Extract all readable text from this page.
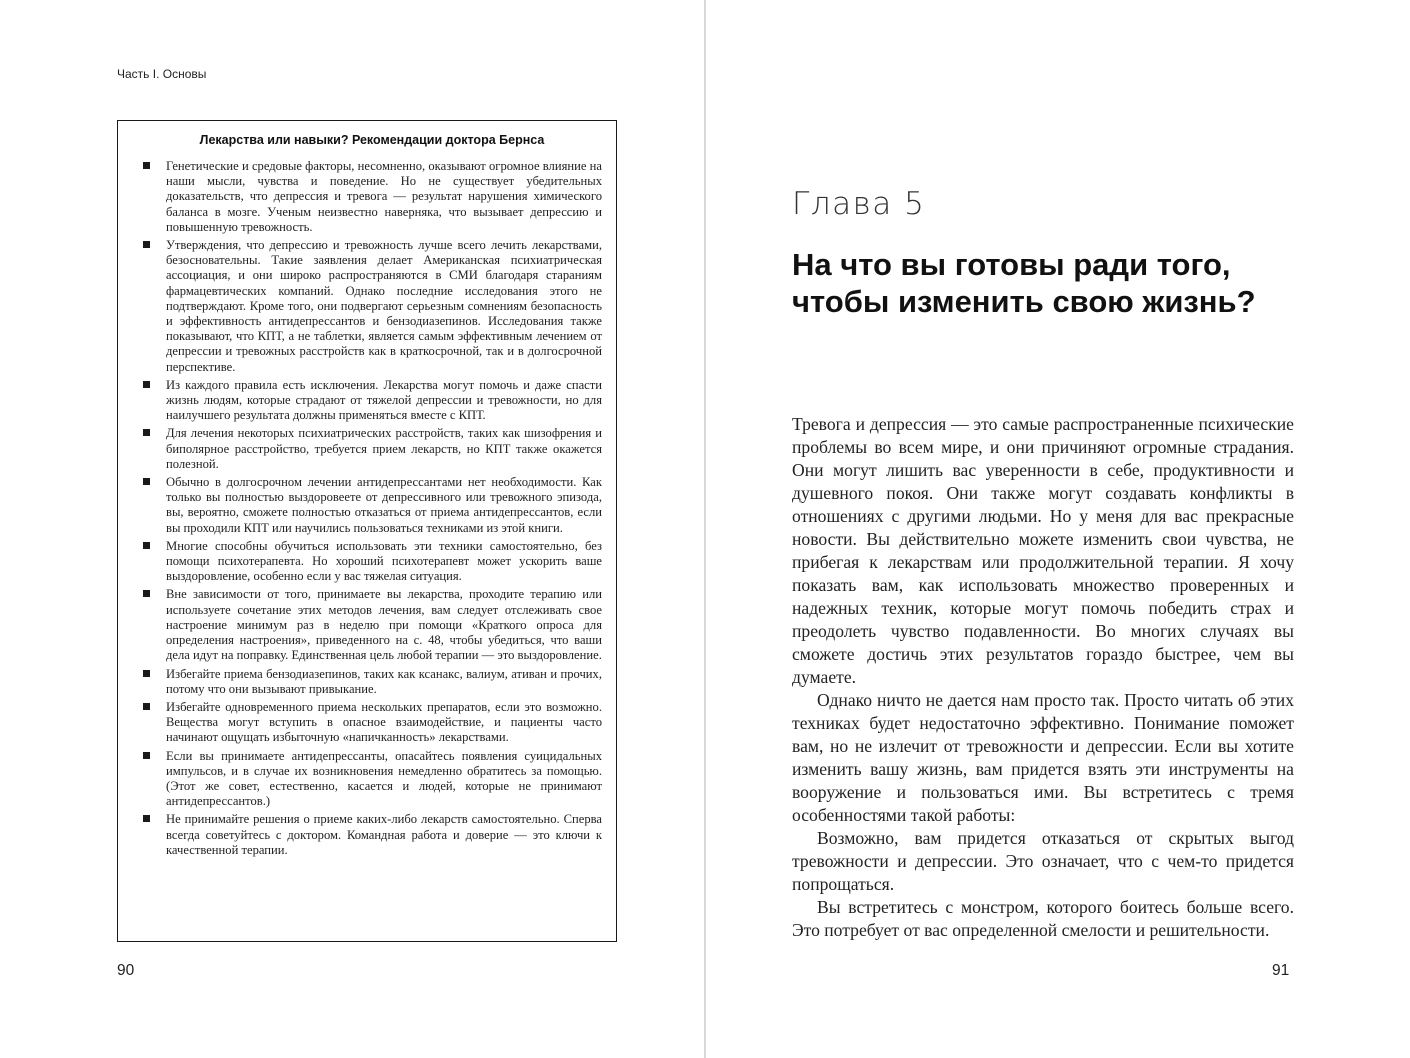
Часть I. Основы
Лекарства или навыки? Рекомендации доктора Бернса
Генетические и средовые факторы, несомненно, оказывают огромное влияние на наши мысли, чувства и поведение. Но не существует убедительных доказательств, что депрессия и тревога — результат нарушения химического баланса в мозге. Ученым неизвестно наверняка, что вызывает депрессию и повышенную тревожность.
Утверждения, что депрессию и тревожность лучше всего лечить лекарствами, безосновательны. Такие заявления делает Американская психиатрическая ассоциация, и они широко распространяются в СМИ благодаря стараниям фармацевтических компаний. Однако последние исследования этого не подтверждают. Кроме того, они подвергают серьезным сомнениям безопасность и эффективность антидепрессантов и бензодиазепинов. Исследования также показывают, что КПТ, а не таблетки, является самым эффективным лечением от депрессии и тревожных расстройств как в краткосрочной, так и в долгосрочной перспективе.
Из каждого правила есть исключения. Лекарства могут помочь и даже спасти жизнь людям, которые страдают от тяжелой депрессии и тревожности, но для наилучшего результата должны применяться вместе с КПТ.
Для лечения некоторых психиатрических расстройств, таких как шизофрения и биполярное расстройство, требуется прием лекарств, но КПТ также окажется полезной.
Обычно в долгосрочном лечении антидепрессантами нет необходимости. Как только вы полностью выздоровеете от депрессивного или тревожного эпизода, вы, вероятно, сможете полностью отказаться от приема антидепрессантов, если вы проходили КПТ или научились пользоваться техниками из этой книги.
Многие способны обучиться использовать эти техники самостоятельно, без помощи психотерапевта. Но хороший психотерапевт может ускорить ваше выздоровление, особенно если у вас тяжелая ситуация.
Вне зависимости от того, принимаете вы лекарства, проходите терапию или используете сочетание этих методов лечения, вам следует отслеживать свое настроение минимум раз в неделю при помощи «Краткого опроса для определения настроения», приведенного на с. 48, чтобы убедиться, что ваши дела идут на поправку. Единственная цель любой терапии — это выздоровление.
Избегайте приема бензодиазепинов, таких как ксанакс, валиум, ативан и прочих, потому что они вызывают привыкание.
Избегайте одновременного приема нескольких препаратов, если это возможно. Вещества могут вступить в опасное взаимодействие, и пациенты часто начинают ощущать избыточную «напичканность» лекарствами.
Если вы принимаете антидепрессанты, опасайтесь появления суицидальных импульсов, и в случае их возникновения немедленно обратитесь за помощью. (Этот же совет, естественно, касается и людей, которые не принимают антидепрессантов.)
Не принимайте решения о приеме каких-либо лекарств самостоятельно. Сперва всегда советуйтесь с доктором. Командная работа и доверие — это ключи к качественной терапии.
90
Глава 5
На что вы готовы ради того, чтобы изменить свою жизнь?

Тревога и депрессия — это самые распространенные психические проблемы во всем мире, и они причиняют огромные страдания. Они могут лишить вас уверенности в себе, продуктивности и душевного покоя. Они также могут создавать конфликты в отношениях с другими людьми. Но у меня для вас прекрасные новости. Вы действительно можете изменить свои чувства, не прибегая к лекарствам или продолжительной терапии. Я хочу показать вам, как использовать множество проверенных и надежных техник, которые могут помочь победить страх и преодолеть чувство подавленности. Во многих случаях вы сможете достичь этих результатов гораздо быстрее, чем вы думаете.

Однако ничто не дается нам просто так. Просто читать об этих техниках будет недостаточно эффективно. Понимание поможет вам, но не излечит от тревожности и депрессии. Если вы хотите изменить вашу жизнь, вам придется взять эти инструменты на вооружение и пользоваться ими. Вы встретитесь с тремя особенностями такой работы:

Возможно, вам придется отказаться от скрытых выгод тревожности и депрессии. Это означает, что с чем-то придется попрощаться.

Вы встретитесь с монстром, которого боитесь больше всего. Это потребует от вас определенной смелости и решительности.

91
